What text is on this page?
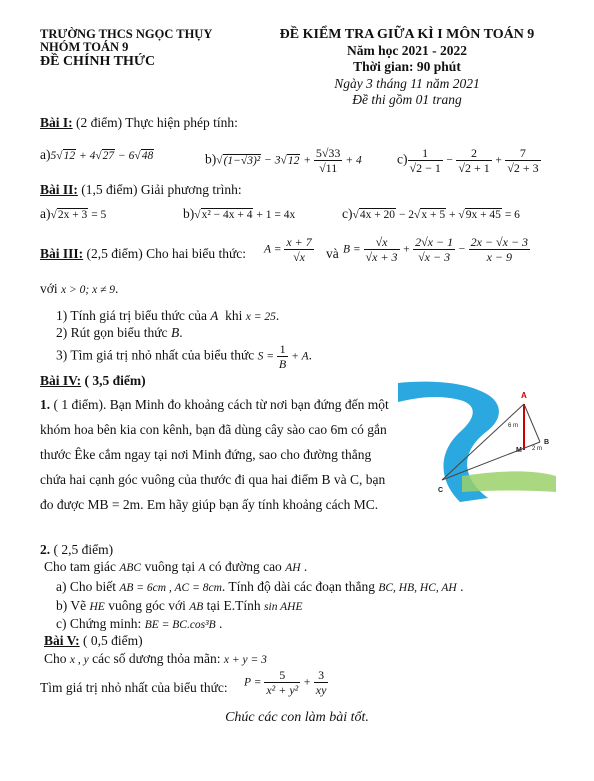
TRƯỜNG THCS NGỌC THỤY
NHÓM TOÁN 9
ĐỀ CHÍNH THỨC
ĐỀ KIỂM TRA GIỮA KÌ I MÔN TOÁN 9
Năm học 2021 - 2022
Thời gian: 90 phút
Ngày 3 tháng 11 năm 2021
Đề thi gồm 01 trang
Bài I: (2 điểm) Thực hiện phép tính:
a)5√12 + 4√27 − 6√48	$b)√(1-√3)^2 - 3√12 + \frac{5√33}{√11} + 4$	$c) \frac{1}{√2 - 1} - \frac{2}{√2 + 1} + \frac{7}{√2 + 3}$
Bài II: (1,5 điểm) Giải phương trình:
a)√2x + 3 = 5	b)√x² − 4x + 4 + 1 = 4x	c)√4x + 20 − 2√x + 5 + √9x + 45 = 6
Bài III: (2,5 điểm) Cho hai biểu thức: $A = \frac{x + 7}{√x}$ và $B = \frac{√x}{√x + 3} + \frac{2√x - 1}{√x - 3} - \frac{2x - √x - 3}{x - 9}$
với x > 0; x ≠ 9.
1) Tính giá trị biểu thức của A khi x = 25.
2) Rút gọn biểu thức B.
3) Tìm giá trị nhỏ nhất của biểu thức $S = \frac{1}{B} + A$.
Bài IV: ( 3,5 điểm)
1. ( 1 điểm). Bạn Minh đo khoảng cách từ nơi bạn đứng đến một khóm hoa bên kia con kênh, bạn đã dùng cây sào cao 6m có gắn thước Êke cắm ngay tại nơi Minh đứng, sao cho đường thẳng chứa hai cạnh góc vuông của thước đi qua hai điểm B và C, bạn đo được MB = 2m. Em hãy giúp bạn ấy tính khoảng cách MC.
A
B
C
M
6 m
2 m
2. ( 2,5 điểm)
Cho tam giác ABC vuông tại A có đường cao AH .
a) Cho biết AB = 6cm , AC = 8cm. Tính độ dài các đoạn thẳng BC, HB, HC, AH .
b) Vẽ HE vuông góc với AB tại E.Tính sin AHE
c) Chứng minh: BE = BC.cos³B .
Bài V: ( 0,5 điểm)
Cho x , y các số dương thỏa mãn: x + y = 3
Tìm giá trị nhỏ nhất của biểu thức: $P = \frac{5}{\text{x² + y²}} + \frac{3}{xy}$
Chúc các con làm bài tốt.
